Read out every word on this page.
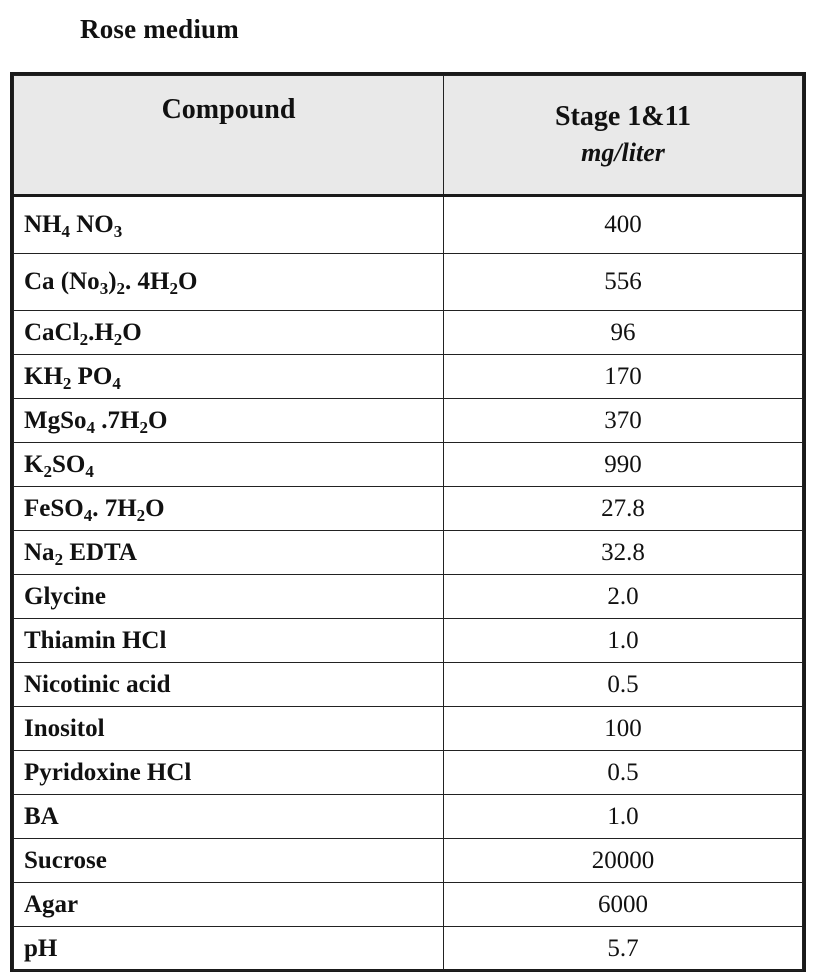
Rose medium
Compound	Stage 1&11
mg/liter

$NH_4$ $NO_3$	400
Ca $(No_3)_2$. $4H_2O$	556
$CaCl_2.H_2O$	96
$KH_2$ $PO_4$	170
MgSo$_4$ $.7H_2O$	370
$K_2SO_4$	990
FeSO$_4$. $7H_2O$	27.8
$Na_2$ EDTA	32.8
Glycine	2.0
Thiamin HCl	1.0
Nicotinic acid	0.5
Inositol	100
Pyridoxine HCl	0.5
BA	1.0
Sucrose	20000
Agar	6000
pH	5.7
